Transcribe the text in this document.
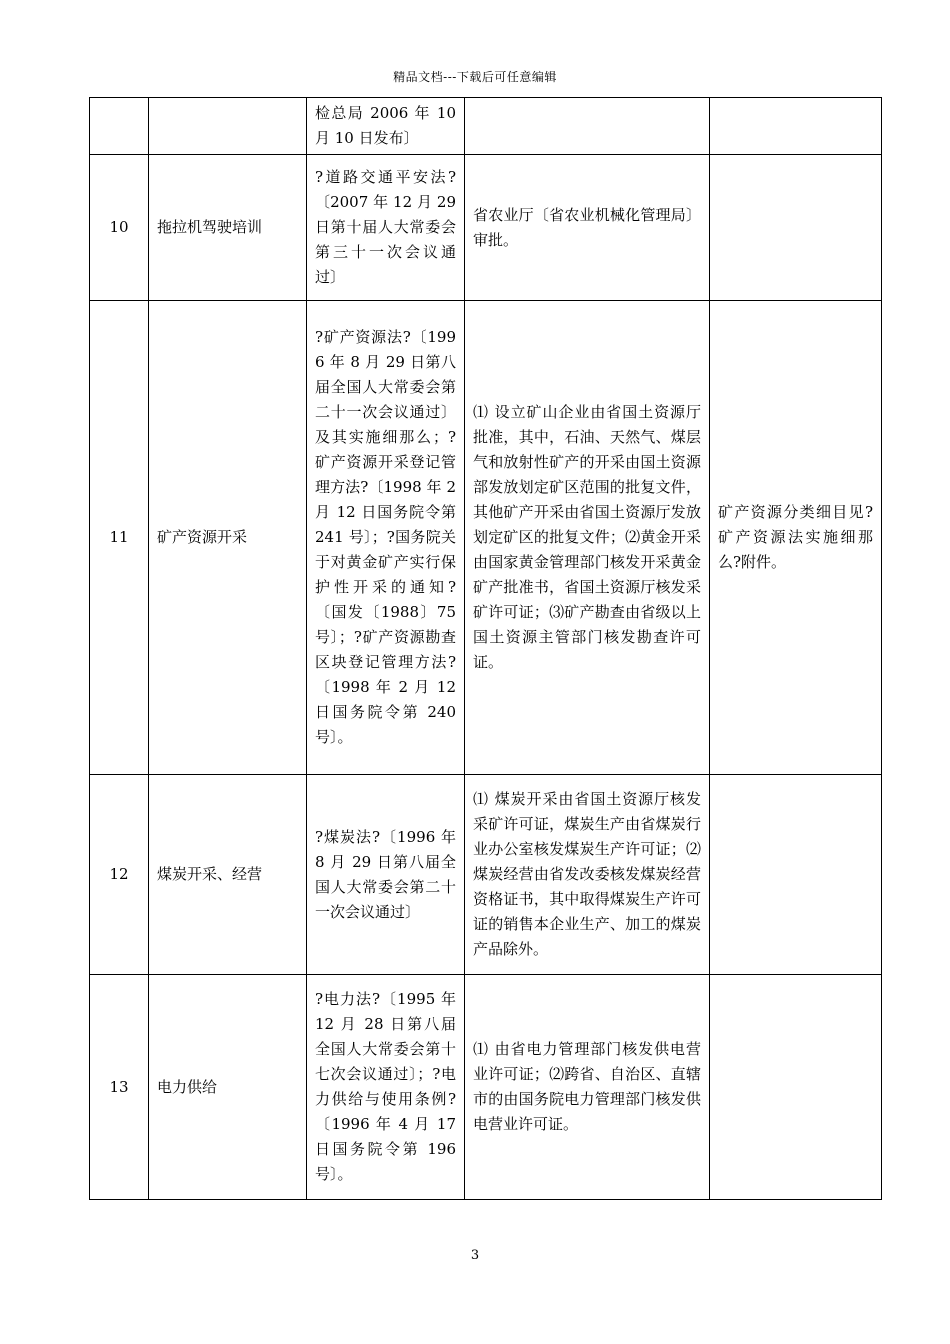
精品文档---下载后可任意编辑
		检总局 2006 年 10 月 10 日发布〕		
10	拖拉机驾驶培训	?道路交通平安法?〔2007 年 12 月 29 日第十届人大常委会第三十一次会议通过〕	省农业厅〔省农业机械化管理局〕审批。	
11	矿产资源开采	?矿产资源法?〔1996 年 8 月 29 日第八届全国人大常委会第二十一次会议通过〕及其实施细那么；?矿产资源开采登记管理方法?〔1998 年 2 月 12 日国务院令第 241 号〕；?国务院关于对黄金矿产实行保护性开采的通知?〔国发〔1988〕75 号〕；?矿产资源勘查区块登记管理方法?〔1998 年 2 月 12 日国务院令第 240 号〕。	⑴ 设立矿山企业由省国土资源厅批准，其中，石油、天然气、煤层气和放射性矿产的开采由国土资源部发放划定矿区范围的批复文件，其他矿产开采由省国土资源厅发放划定矿区的批复文件；⑵黄金开采由国家黄金管理部门核发开采黄金矿产批准书，省国土资源厅核发采矿许可证；⑶矿产勘查由省级以上国土资源主管部门核发勘查许可证。	矿产资源分类细目见?矿产资源法实施细那么?附件。
12	煤炭开采、经营	?煤炭法?〔1996 年 8 月 29 日第八届全国人大常委会第二十一次会议通过〕	⑴ 煤炭开采由省国土资源厅核发采矿许可证，煤炭生产由省煤炭行业办公室核发煤炭生产许可证；⑵煤炭经营由省发改委核发煤炭经营资格证书，其中取得煤炭生产许可证的销售本企业生产、加工的煤炭产品除外。	
13	电力供给	?电力法?〔1995 年 12 月 28 日第八届全国人大常委会第十七次会议通过〕；?电力供给与使用条例?〔1996 年 4 月 17 日国务院令第 196 号〕。	⑴ 由省电力管理部门核发供电营业许可证；⑵跨省、自治区、直辖市的由国务院电力管理部门核发供电营业许可证。	
3
